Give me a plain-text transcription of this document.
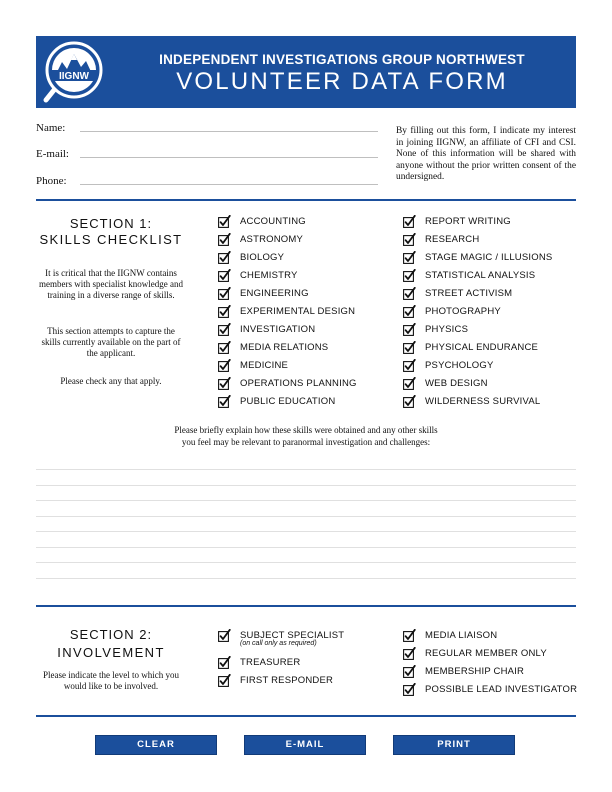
IIGNW
INDEPENDENT INVESTIGATIONS GROUP NORTHWEST
VOLUNTEER DATA FORM
Name:
E-mail:
Phone:
By filling out this form, I indicate my interest in joining IIGNW, an affiliate of CFI and CSI. None of this information will be shared with anyone without the prior written consent of the undersigned.
SECTION 1:
SKILLS CHECKLIST
It is critical that the IIGNW contains members with specialist knowledge and training in a diverse range of skills.
This section attempts to capture the skills currently available on the part of the applicant.
Please check any that apply.
ACCOUNTING
ASTRONOMY
BIOLOGY
CHEMISTRY
ENGINEERING
EXPERIMENTAL DESIGN
INVESTIGATION
MEDIA RELATIONS
MEDICINE
OPERATIONS PLANNING
PUBLIC EDUCATION
REPORT WRITING
RESEARCH
STAGE MAGIC / ILLUSIONS
STATISTICAL ANALYSIS
STREET ACTIVISM
PHOTOGRAPHY
PHYSICS
PHYSICAL ENDURANCE
PSYCHOLOGY
WEB DESIGN
WILDERNESS SURVIVAL
Please briefly explain how these skills were obtained and any other skills
you feel may be relevant to paranormal investigation and challenges:
SECTION 2:
INVOLVEMENT
Please indicate the level to which you would like to be involved.
SUBJECT SPECIALIST
(on call only as required)
TREASURER
FIRST RESPONDER
MEDIA LIAISON
REGULAR MEMBER ONLY
MEMBERSHIP CHAIR
POSSIBLE LEAD INVESTIGATOR
CLEAR	E-MAIL	PRINT
